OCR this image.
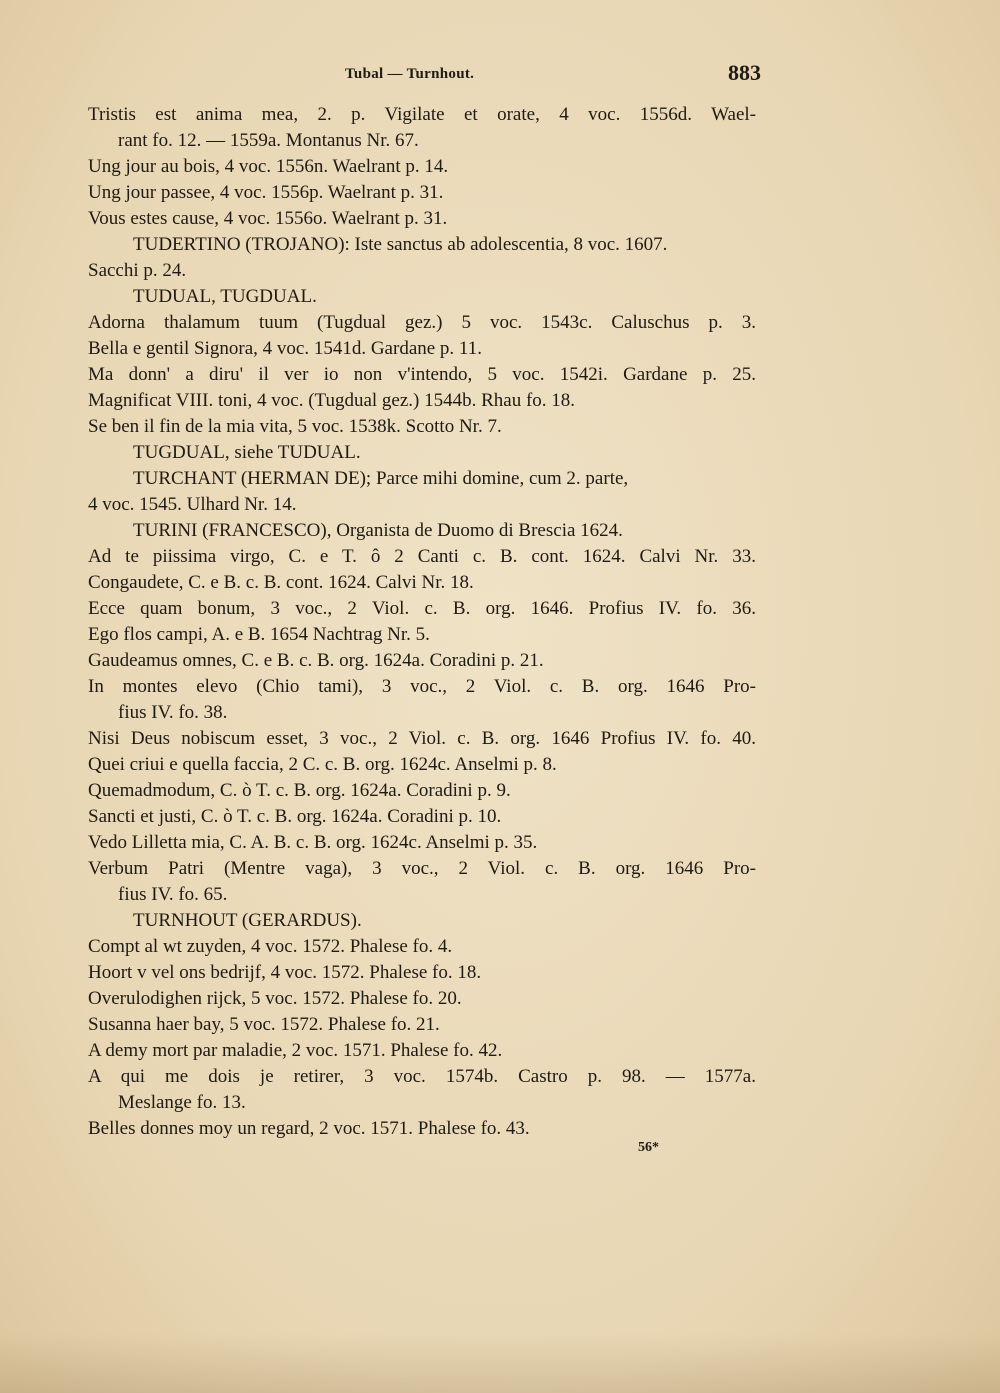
Tubal — Turnhout.	883
Tristis est anima mea, 2. p. Vigilate et orate, 4 voc. 1556d. Wael-
rant fo. 12. — 1559a. Montanus Nr. 67.
Ung jour au bois, 4 voc. 1556n. Waelrant p. 14.
Ung jour passee, 4 voc. 1556p. Waelrant p. 31.
Vous estes cause, 4 voc. 1556o. Waelrant p. 31.
TUDERTINO (TROJANO): Iste sanctus ab adolescentia, 8 voc. 1607.
Sacchi p. 24.
TUDUAL, TUGDUAL.
Adorna thalamum tuum (Tugdual gez.) 5 voc. 1543c. Caluschus p. 3.
Bella e gentil Signora, 4 voc. 1541d. Gardane p. 11.
Ma donn' a diru' il ver io non v'intendo, 5 voc. 1542i. Gardane p. 25.
Magnificat VIII. toni, 4 voc. (Tugdual gez.) 1544b. Rhau fo. 18.
Se ben il fin de la mia vita, 5 voc. 1538k. Scotto Nr. 7.
TUGDUAL, siehe TUDUAL.
TURCHANT (HERMAN DE); Parce mihi domine, cum 2. parte,
4 voc. 1545. Ulhard Nr. 14.
TURINI (FRANCESCO), Organista de Duomo di Brescia 1624.
Ad te piissima virgo, C. e T. ô 2 Canti c. B. cont. 1624. Calvi Nr. 33.
Congaudete, C. e B. c. B. cont. 1624. Calvi Nr. 18.
Ecce quam bonum, 3 voc., 2 Viol. c. B. org. 1646. Profius IV. fo. 36.
Ego flos campi, A. e B. 1654 Nachtrag Nr. 5.
Gaudeamus omnes, C. e B. c. B. org. 1624a. Coradini p. 21.
In montes elevo (Chio tami), 3 voc., 2 Viol. c. B. org. 1646 Pro-
fius IV. fo. 38.
Nisi Deus nobiscum esset, 3 voc., 2 Viol. c. B. org. 1646 Profius IV. fo. 40.
Quei criui e quella faccia, 2 C. c. B. org. 1624c. Anselmi p. 8.
Quemadmodum, C. ò T. c. B. org. 1624a. Coradini p. 9.
Sancti et justi, C. ò T. c. B. org. 1624a. Coradini p. 10.
Vedo Lilletta mia, C. A. B. c. B. org. 1624c. Anselmi p. 35.
Verbum Patri (Mentre vaga), 3 voc., 2 Viol. c. B. org. 1646 Pro-
fius IV. fo. 65.
TURNHOUT (GERARDUS).
Compt al wt zuyden, 4 voc. 1572. Phalese fo. 4.
Hoort v vel ons bedrijf, 4 voc. 1572. Phalese fo. 18.
Overulodighen rijck, 5 voc. 1572. Phalese fo. 20.
Susanna haer bay, 5 voc. 1572. Phalese fo. 21.
A demy mort par maladie, 2 voc. 1571. Phalese fo. 42.
A qui me dois je retirer, 3 voc. 1574b. Castro p. 98. — 1577a.
Meslange fo. 13.
Belles donnes moy un regard, 2 voc. 1571. Phalese fo. 43.
56*
